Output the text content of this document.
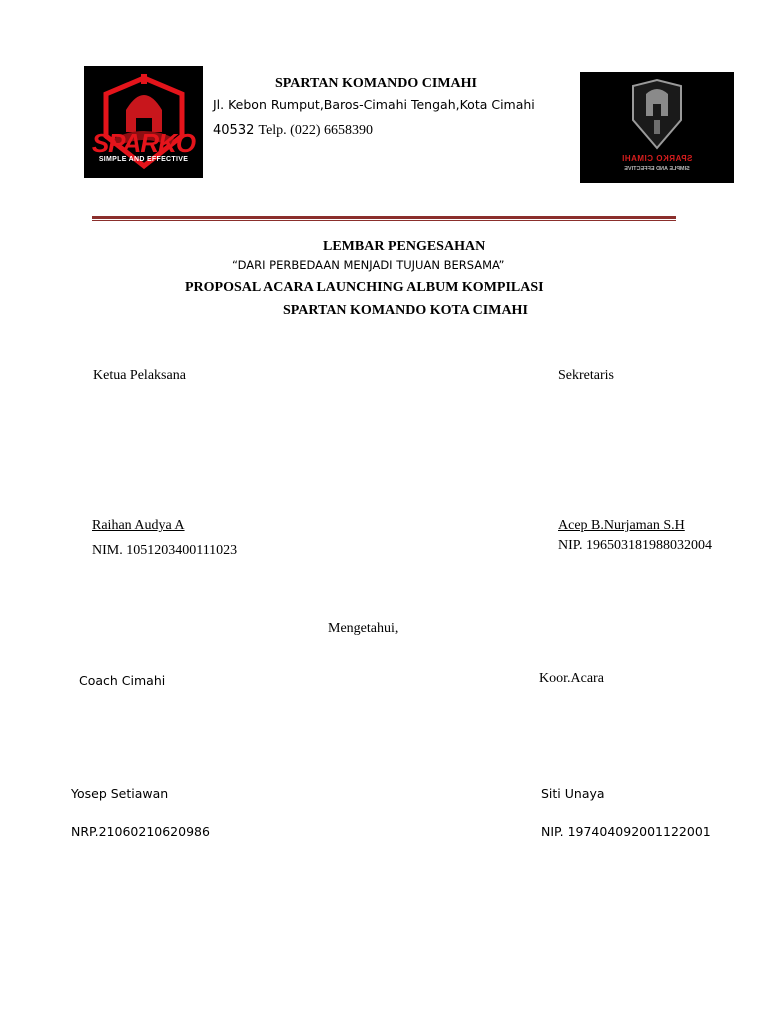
SPARKO
SIMPLE AND EFFECTIVE
SPARTAN KOMANDO CIMAHI
Jl. Kebon Rumput,Baros-Cimahi Tengah,Kota Cimahi
40532 Telp. (022) 6658390
SPARKO CIMAHI
SIMPLE AND EFFECTIVE
LEMBAR PENGESAHAN
“DARI PERBEDAAN MENJADI TUJUAN BERSAMA”
PROPOSAL ACARA LAUNCHING ALBUM KOMPILASI
SPARTAN KOMANDO KOTA CIMAHI
Ketua Pelaksana	Sekretaris
Raihan Audya A
NIM. 1051203400111023
Acep B.Nurjaman S.H
NIP. 196503181988032004
Mengetahui,
Coach Cimahi	Koor.Acara
Yosep Setiawan
NRP.21060210620986
Siti Unaya
NIP. 197404092001122001
